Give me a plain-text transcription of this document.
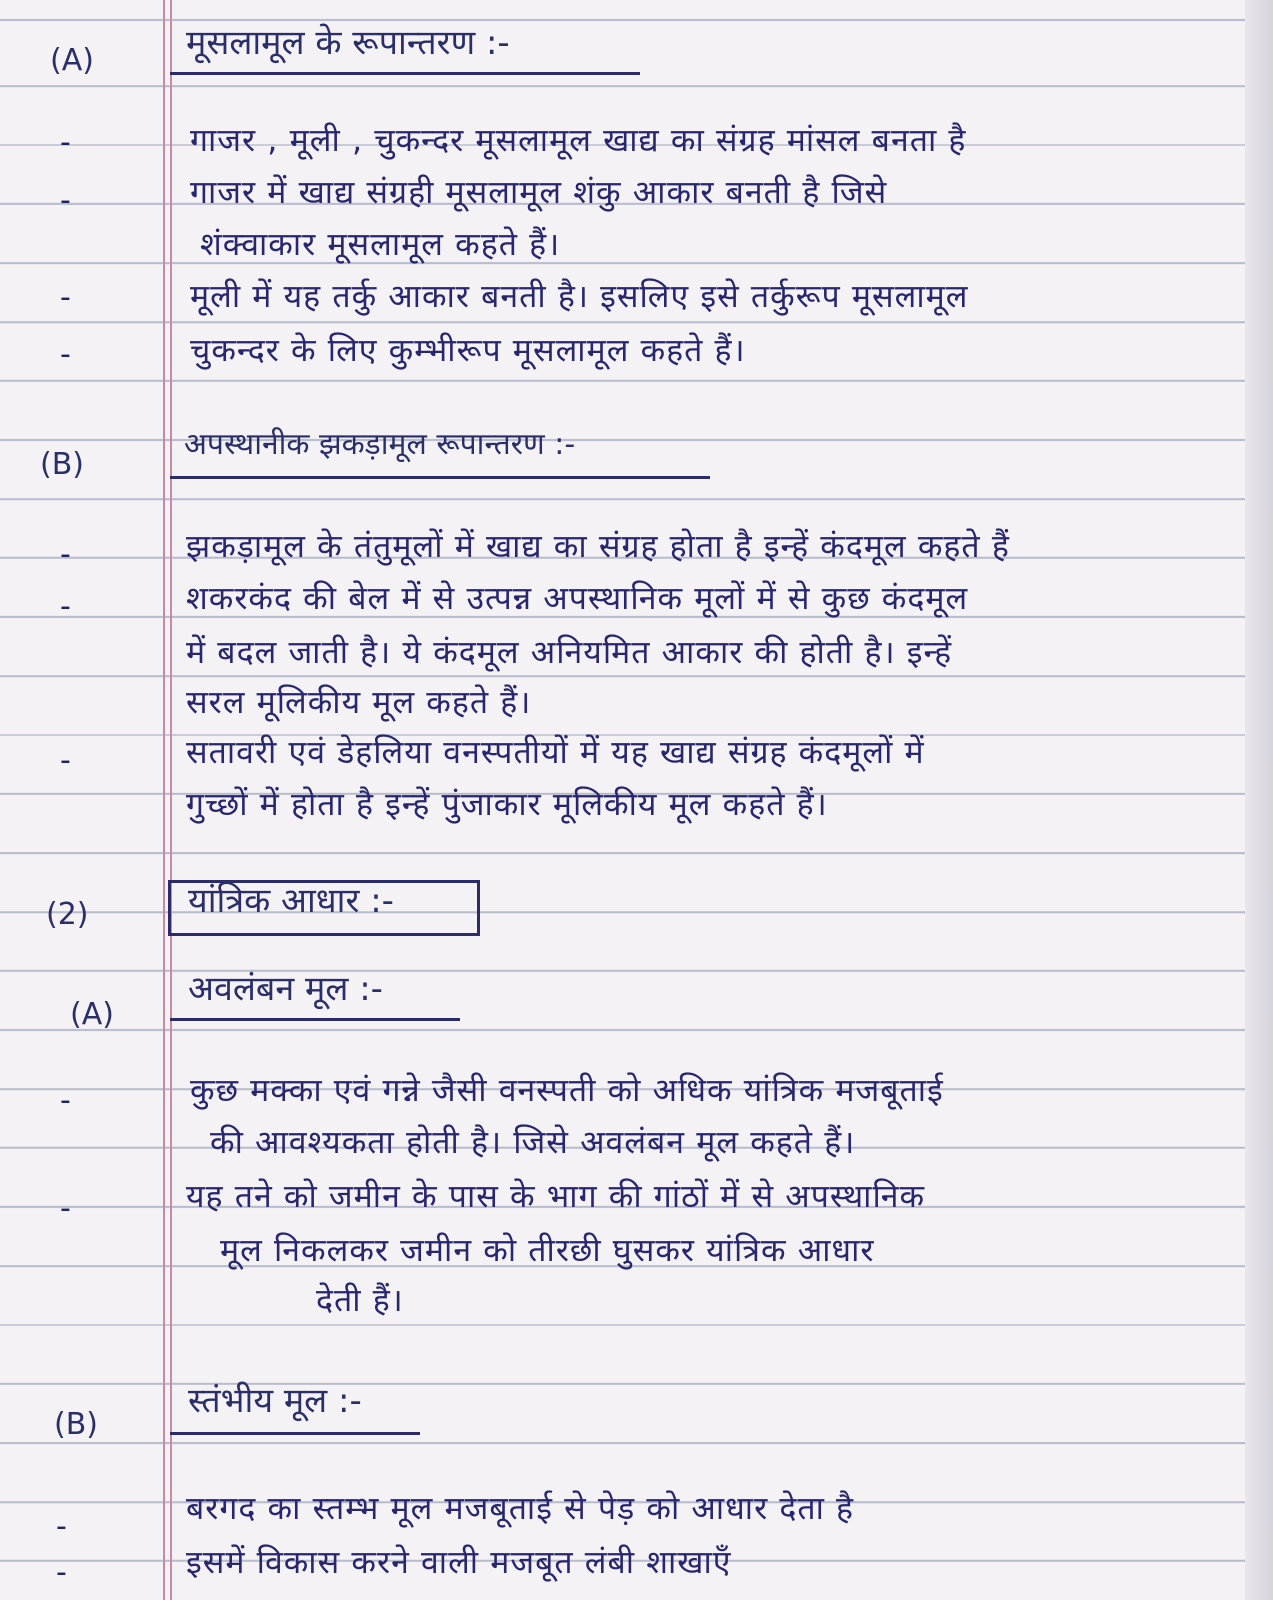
(A)	मूसलामूल के रूपान्तरण :-
-	गाजर , मूली , चुकन्दर मूसलामूल खाद्य का संग्रह मांसल बनता है
-	गाजर में खाद्य संग्रही मूसलामूल शंकु आकार बनती है जिसे
शंक्वाकार मूसलामूल कहते हैं।
-	मूली में यह तर्कु आकार बनती है। इसलिए इसे तर्कुरूप मूसलामूल
-	चुकन्दर के लिए कुम्भीरूप मूसलामूल कहते हैं।
(B)
अपस्थानीक झकड़ामूल रूपान्तरण :-
-	झकड़ामूल के तंतुमूलों में खाद्य का संग्रह होता है इन्हें कंदमूल कहते हैं
-	शकरकंद की बेल में से उत्पन्न अपस्थानिक मूलों में से कुछ कंदमूल
में बदल जाती है। ये कंदमूल अनियमित आकार की होती है। इन्हें
सरल मूलिकीय मूल कहते हैं।
-	सतावरी एवं डेहलिया वनस्पतीयों में यह खाद्य संग्रह कंदमूलों में
गुच्छों में होता है इन्हें पुंजाकार मूलिकीय मूल कहते हैं।
(2)	यांत्रिक आधार :-
(A)
अवलंबन मूल :-
-	कुछ मक्का एवं गन्ने जैसी वनस्पती को अधिक यांत्रिक मजबूताई
की आवश्यकता होती है। जिसे अवलंबन मूल कहते हैं।
-	यह तने को जमीन के पास के भाग की गांठों में से अपस्थानिक
मूल निकलकर जमीन को तीरछी घुसकर यांत्रिक आधार
देती हैं।
(B)
स्तंभीय मूल :-
-	बरगद का स्तम्भ मूल मजबूताई से पेड़ को आधार देता है
-	इसमें विकास करने वाली मजबूत लंबी शाखाएँ
